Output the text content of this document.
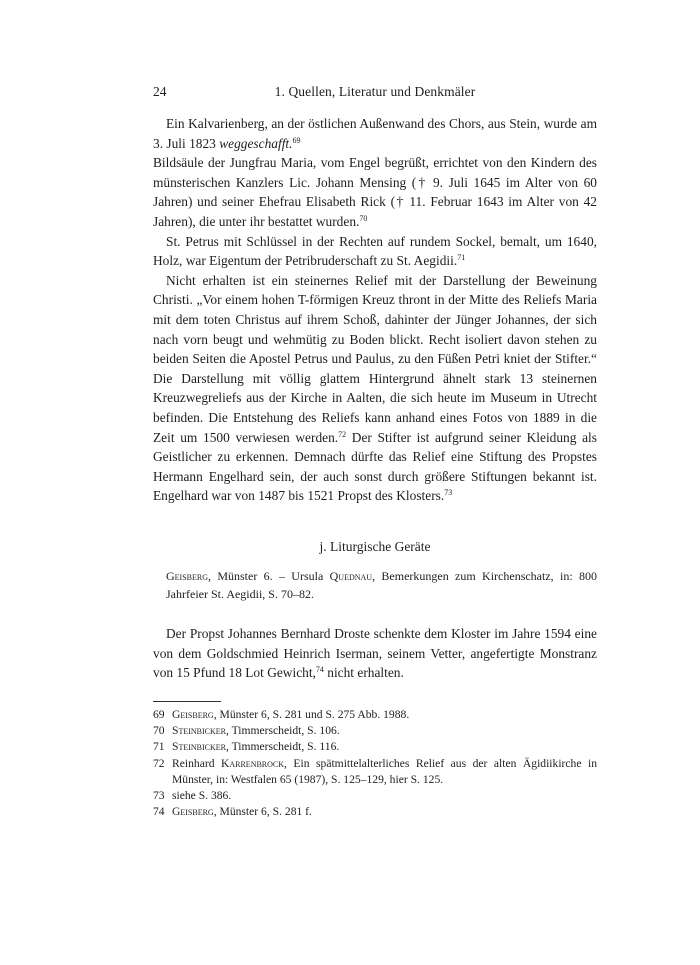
24	1. Quellen, Literatur und Denkmäler

Ein Kalvarienberg, an der östlichen Außenwand des Chors, aus Stein, wurde am 3. Juli 1823 weggeschafft.$^{69}$

Bildsäule der Jungfrau Maria, vom Engel begrüßt, errichtet von den Kindern des münsterischen Kanzlers Lic. Johann Mensing († 9. Juli 1645 im Alter von 60 Jahren) und seiner Ehefrau Elisabeth Rick († 11. Februar 1643 im Alter von 42 Jahren), die unter ihr bestattet wurden.$^{70}$

St. Petrus mit Schlüssel in der Rechten auf rundem Sockel, bemalt, um 1640, Holz, war Eigentum der Petribruderschaft zu St. Aegidii.$^{71}$

Nicht erhalten ist ein steinernes Relief mit der Darstellung der Beweinung Christi. „Vor einem hohen T-förmigen Kreuz thront in der Mitte des Reliefs Maria mit dem toten Christus auf ihrem Schoß, dahinter der Jünger Johannes, der sich nach vorn beugt und wehmütig zu Boden blickt. Recht isoliert davon stehen zu beiden Seiten die Apostel Petrus und Paulus, zu den Füßen Petri kniet der Stifter.“ Die Darstellung mit völlig glattem Hintergrund ähnelt stark 13 steinernen Kreuzwegreliefs aus der Kirche in Aalten, die sich heute im Museum in Utrecht befinden. Die Entstehung des Reliefs kann anhand eines Fotos von 1889 in die Zeit um 1500 verwiesen werden.$^{72}$ Der Stifter ist aufgrund seiner Kleidung als Geistlicher zu erkennen. Demnach dürfte das Relief eine Stiftung des Propstes Hermann Engelhard sein, der auch sonst durch größere Stiftungen bekannt ist. Engelhard war von 1487 bis 1521 Propst des Klosters.$^{73}$

j. Liturgische Geräte
Geisberg, Münster 6. – Ursula Quednau, Bemerkungen zum Kirchenschatz, in: 800 Jahrfeier St. Aegidii, S. 70–82.

Der Propst Johannes Bernhard Droste schenkte dem Kloster im Jahre 1594 eine von dem Goldschmied Heinrich Iserman, seinem Vetter, angefertigte Monstranz von 15 Pfund 18 Lot Gewicht,$^{74}$ nicht erhalten.

69 Geisberg, Münster 6, S. 281 und S. 275 Abb. 1988.
70 Steinbicker, Timmerscheidt, S. 106.
71 Steinbicker, Timmerscheidt, S. 116.
72 Reinhard Karrenbrock, Ein spätmittelalterliches Relief aus der alten Ägidiikirche in Münster, in: Westfalen 65 (1987), S. 125–129, hier S. 125.
73 siehe S. 386.
74 Geisberg, Münster 6, S. 281 f.
